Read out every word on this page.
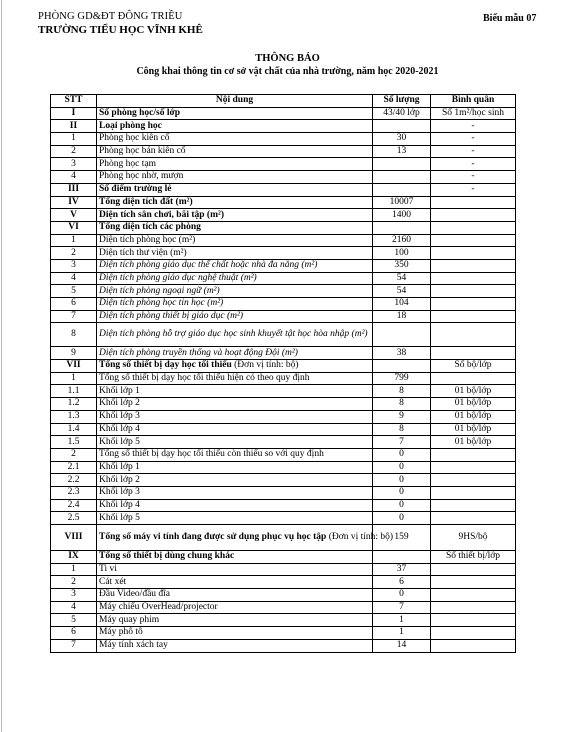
PHÒNG GD&ĐT ĐÔNG TRIỀU
TRƯỜNG TIỂU HỌC VĨNH KHÊ
Biểu mẫu 07
THÔNG BÁO
Công khai thông tin cơ sở vật chất của nhà trường, năm học 2020-2021
STT	Nội dung	Số lượng	Bình quân
I	Số phòng học/số lớp	43/40 lớp	Số 1m²/học sinh
II	Loại phòng học		-
1	Phòng học kiên cố	30	-
2	Phòng học bán kiên cố	13	-
3	Phòng học tạm		-
4	Phòng học nhờ, mượn		-
III	Số điểm trường lẻ		-
IV	Tổng diện tích đất (m²)	10007	
V	Diện tích sân chơi, bãi tập (m²)	1400	
VI	Tổng diện tích các phòng		
1	Diện tích phòng học (m²)	2160	
2	Diện tích thư viện (m²)	100	
3	Diện tích phòng giáo dục thể chất hoặc nhà đa năng (m²)	350	
4	Diện tích phòng giáo dục nghệ thuật (m²)	54	
5	Diện tích phòng ngoại ngữ (m²)	54	
6	Diện tích phòng học tin học (m²)	104	
7	Diện tích phòng thiết bị giáo dục (m²)	18	
8	Diện tích phòng hỗ trợ giáo dục học sinh khuyết tật học hòa nhập (m²)		
9	Diện tích phòng truyền thống và hoạt động Đội (m²)	38	
VII	Tổng số thiết bị dạy học tối thiểu (Đơn vị tính: bộ)		Số bộ/lớp
1	Tổng số thiết bị dạy học tối thiểu hiện có theo quy định	799	
1.1	Khối lớp 1	8	01 bộ/lớp
1.2	Khối lớp 2	8	01 bộ/lớp
1.3	Khối lớp 3	9	01 bộ/lớp
1.4	Khối lớp 4	8	01 bộ/lớp
1.5	Khối lớp 5	7	01 bộ/lớp
2	Tổng số thiết bị dạy học tối thiểu còn thiếu so với quy định	0	
2.1	Khối lớp 1	0	
2.2	Khối lớp 2	0	
2.3	Khối lớp 3	0	
2.4	Khối lớp 4	0	
2.5	Khối lớp 5	0	
VIII	Tổng số máy vi tính đang được sử dụng phục vụ học tập (Đơn vị tính: bộ)	159	9HS/bộ
IX	Tổng số thiết bị dùng chung khác		Số thiết bị/lớp
1	Ti vi	37	
2	Cát xét	6	
3	Đầu Video/đầu đĩa	0	
4	Máy chiếu OverHead/projector	7	
5	Máy quay phim	1	
6	Máy phô tô	1	
7	Máy tính xách tay	14	
